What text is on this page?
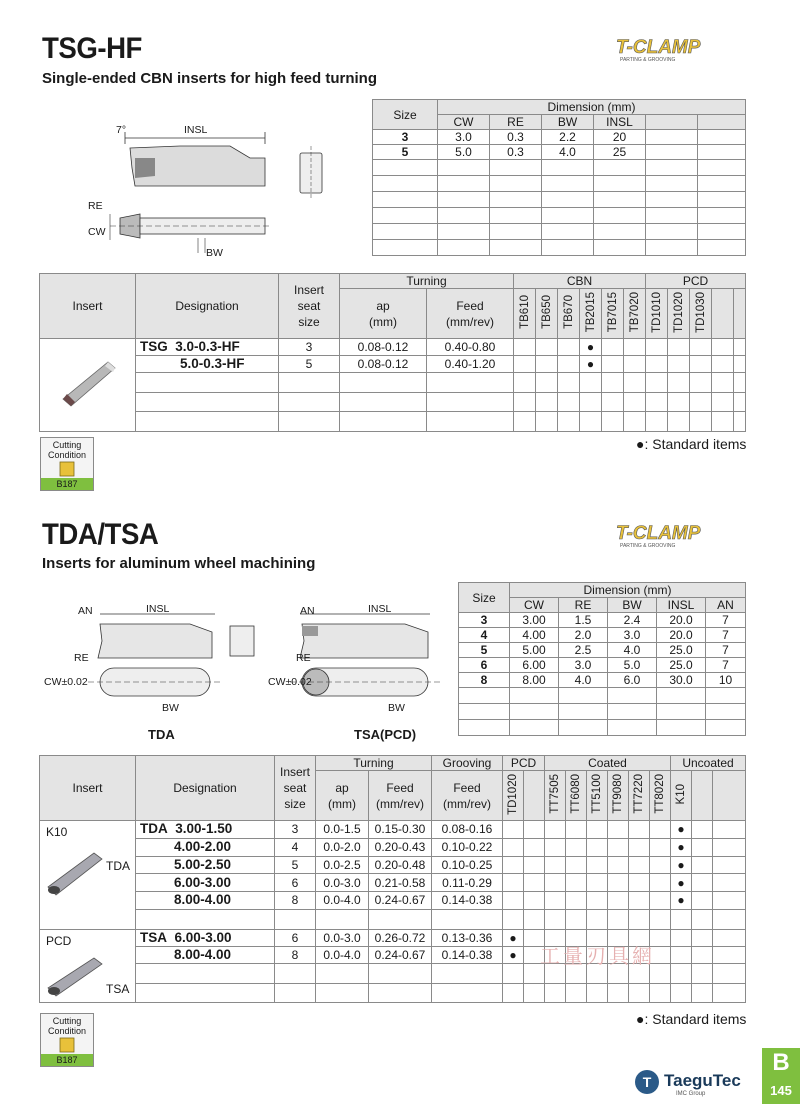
TSG-HF
Single-ended CBN inserts for high feed turning
T-CLAMP
PARTING & GROOVING
7°	INSL
RE
CW
BW
Size	Dimension (mm)					
	CW	RE	BW	INSL		
3	3.0	0.3	2.2	20		
5	5.0	0.3	4.0	25		

Insert	Designation	Insert
seat
size	Turning		CBN						PCD				
			ap
(mm)	Feed
(mm/rev)	TB610	TB650	TB670	TB2015	TB7015	TB7020	TD1010	TD1020	TD1030		
	TSG 3.0-0.3-HF	3	0.08-0.12	0.40-0.80				●							
	5.0-0.3-HF	5	0.08-0.12	0.40-1.20				●							

Cutting
Condition
B187
●: Standard items
TDA/TSA
Inserts for aluminum wheel machining
T-CLAMP
PARTING & GROOVING
AN	INSL
RE
CW±0.02
BW
TDA
AN	INSL
RE
CW±0.02
BW
TSA(PCD)
Size	Dimension (mm)				
	CW	RE	BW	INSL	AN
3	3.00	1.5	2.4	20.0	7
4	4.00	2.0	3.0	20.0	7
5	5.00	2.5	4.0	25.0	7
6	6.00	3.0	5.0	25.0	7
8	8.00	4.0	6.0	30.0	10

Insert	Designation	Insert
seat
size	Turning		Grooving	PCD		Coated						Uncoated		
			ap
(mm)	Feed
(mm/rev)	Feed
(mm/rev)	TD1020		TT7505	TT6080	TT5100	TT9080	TT7220	TT8020	K10		

K10
TDA	TDA 3.00-1.50	3	0.0-1.5	0.15-0.30	0.08-0.16									●		
	4.00-2.00	4	0.0-2.0	0.20-0.43	0.10-0.22									●		
	5.00-2.50	5	0.0-2.5	0.20-0.48	0.10-0.25									●		
	6.00-3.00	6	0.0-3.0	0.21-0.58	0.11-0.29									●		
	8.00-4.00	8	0.0-4.0	0.24-0.67	0.14-0.38									●		

PCD
TSA	TSA 6.00-3.00	6	0.0-3.0	0.26-0.72	0.13-0.36	●										
	8.00-4.00	8	0.0-4.0	0.24-0.67	0.14-0.38	●										

															工量刃具網
Cutting
Condition
B187
●: Standard items
T TaeguTec
IMC Group
B
145
